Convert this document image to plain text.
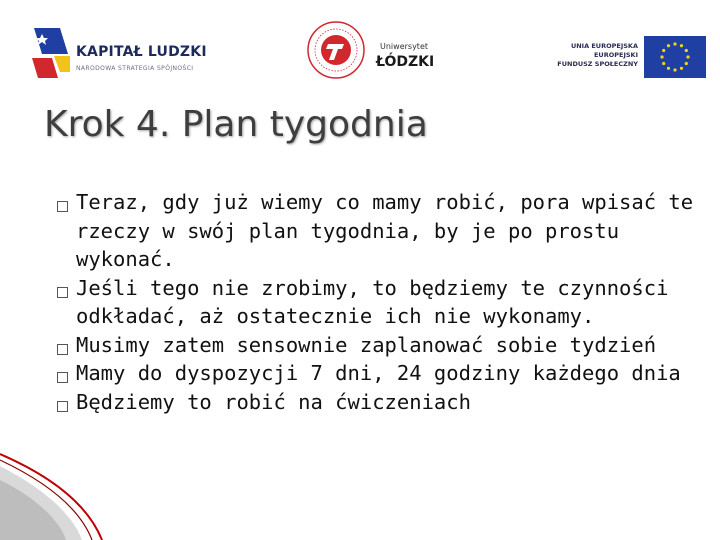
KAPITAŁ LUDZKI
NARODOWA STRATEGIA SPÓJNOŚCI
Uniwersytet
ŁÓDZKI
UNIA EUROPEJSKA
EUROPEJSKI
FUNDUSZ SPOŁECZNY
Krok 4. Plan tygodnia
Teraz, gdy już wiemy co mamy robić, pora wpisać te rzeczy w swój plan tygodnia, by je po prostu wykonać.
Jeśli tego nie zrobimy, to będziemy te czynności odkładać, aż ostatecznie ich nie wykonamy.
Musimy zatem sensownie zaplanować sobie tydzień
Mamy do dyspozycji 7 dni, 24 godziny każdego dnia
Będziemy to robić na ćwiczeniach
